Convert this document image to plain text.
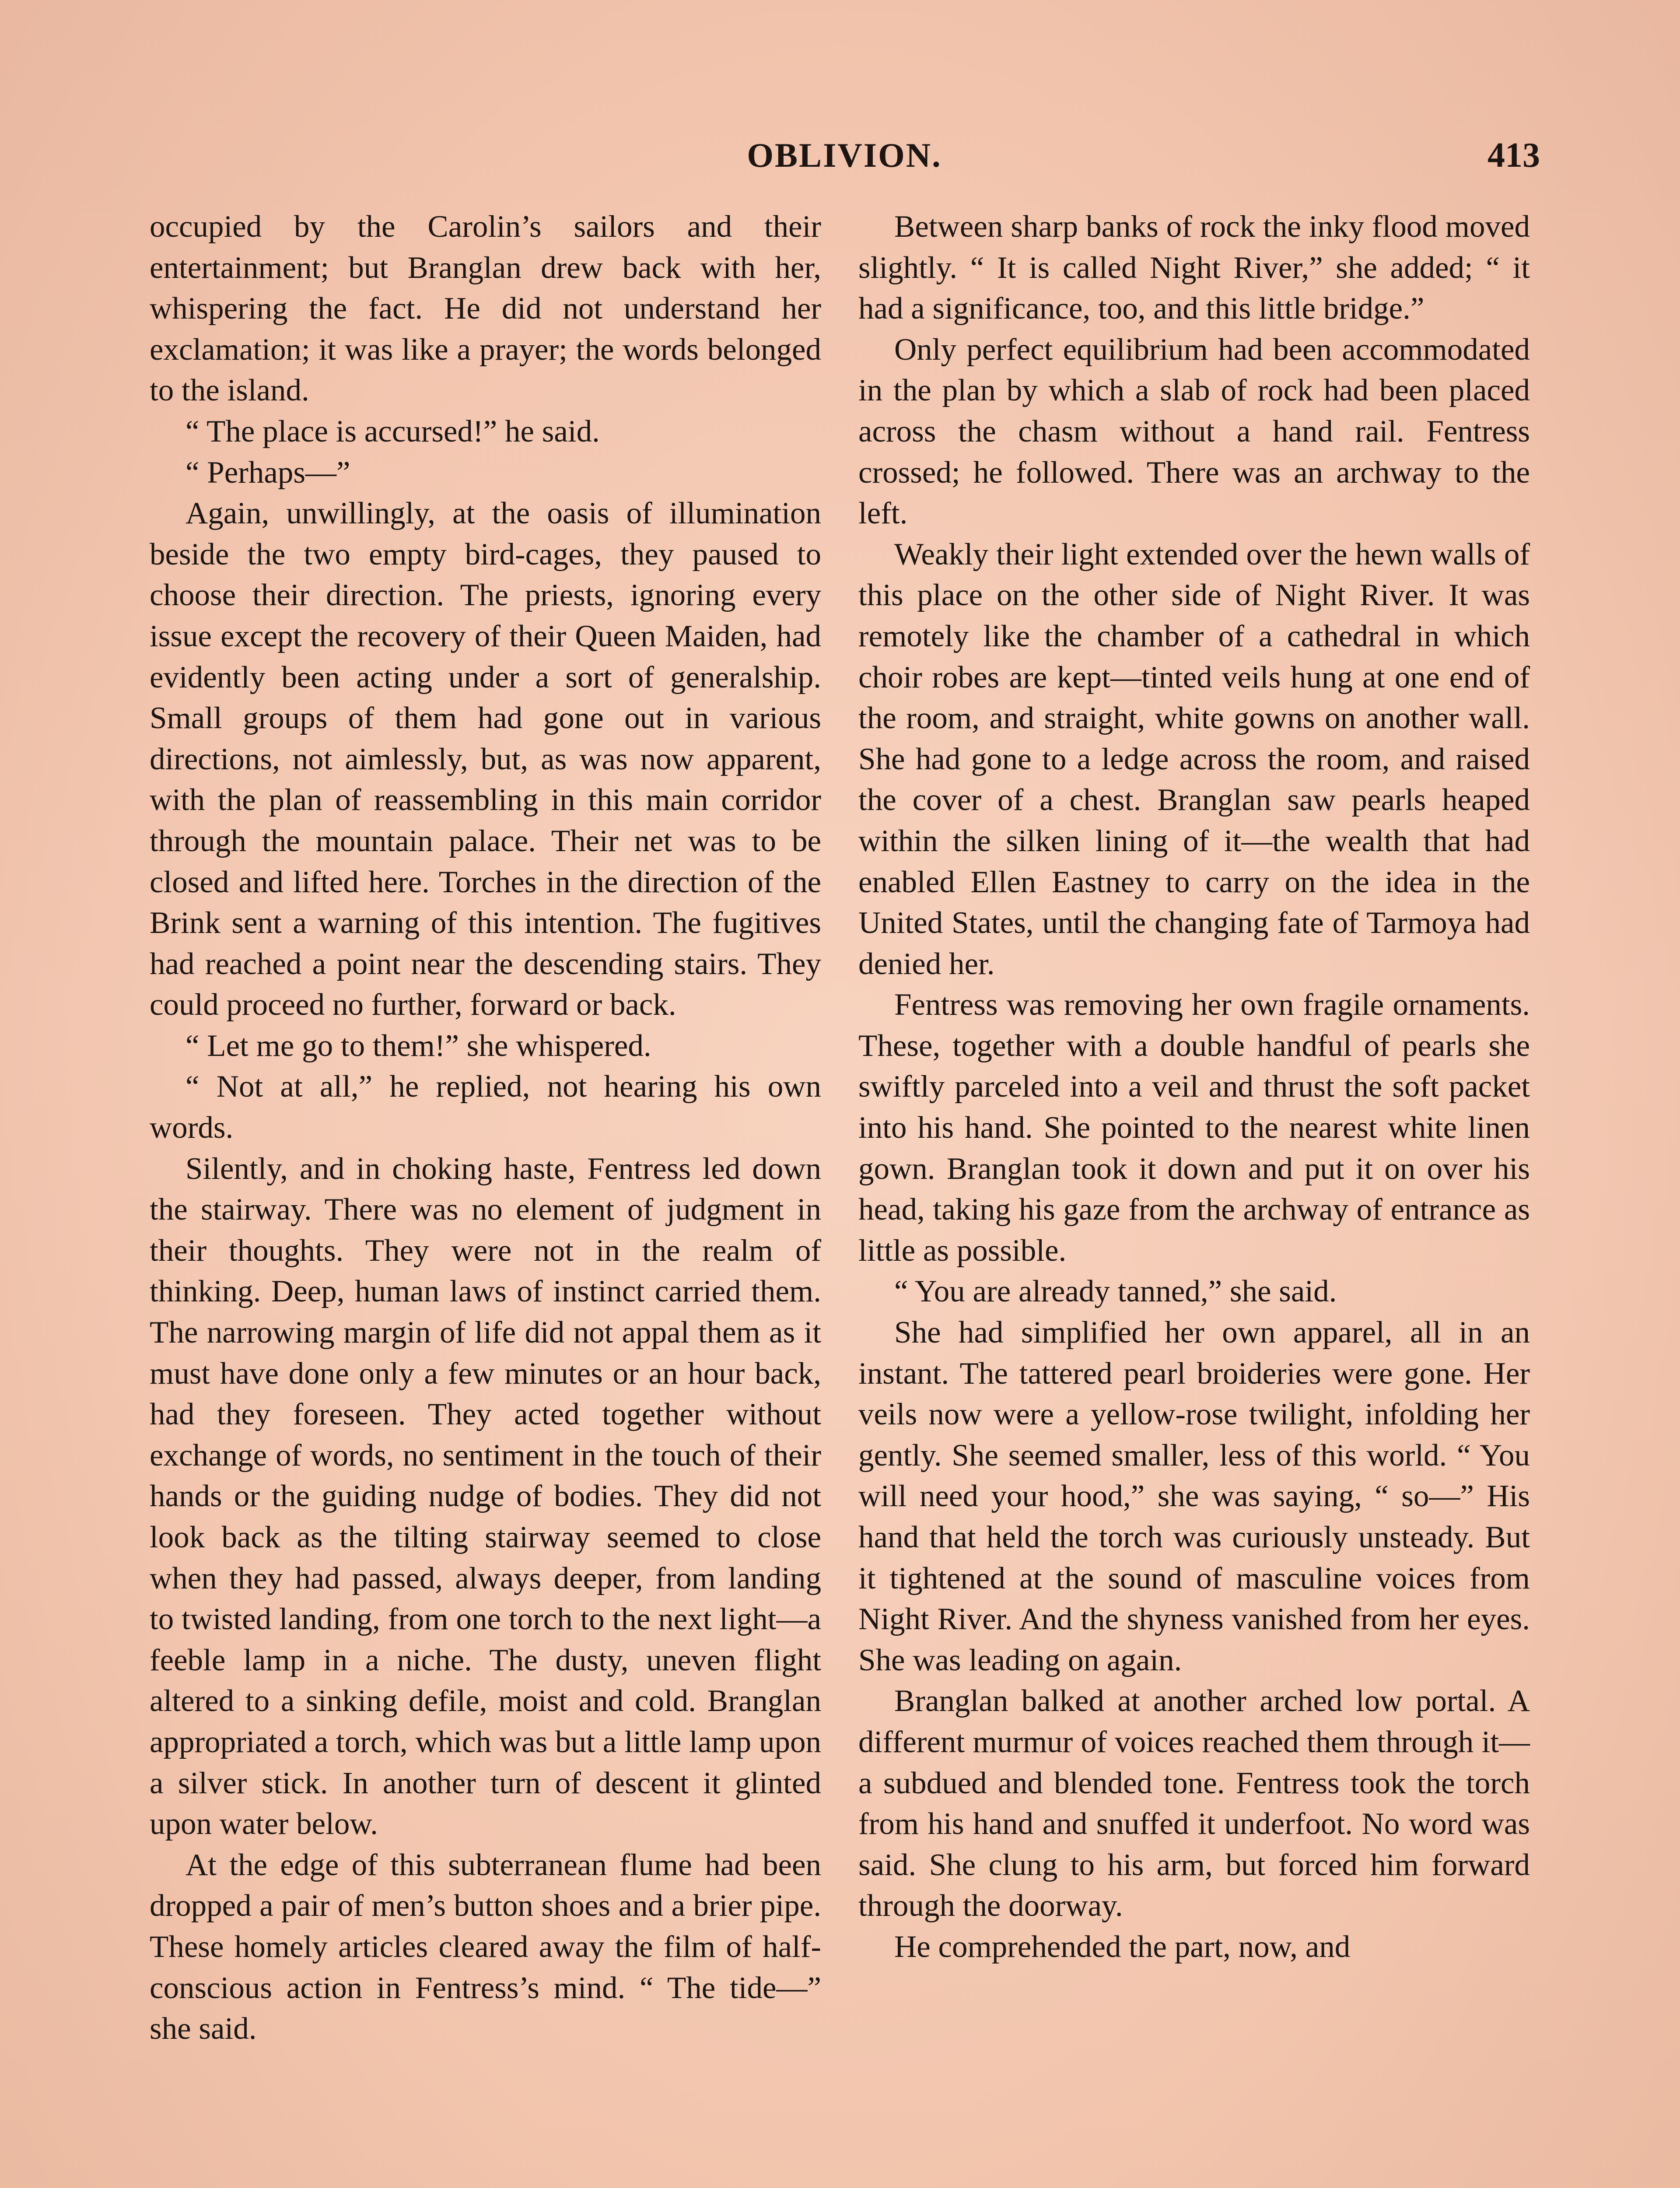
OBLIVION.	413

occupied by the Carolin’s sailors and their entertainment; but Branglan drew back with her, whispering the fact. He did not understand her exclamation; it was like a prayer; the words belonged to the island.

“ The place is accursed!” he said.

“ Perhaps—”

Again, unwillingly, at the oasis of illumination beside the two empty bird-cages, they paused to choose their direction. The priests, ignoring every issue except the recovery of their Queen Maiden, had evidently been acting under a sort of generalship. Small groups of them had gone out in various directions, not aimlessly, but, as was now apparent, with the plan of reassembling in this main corridor through the mountain palace. Their net was to be closed and lifted here. Torches in the direction of the Brink sent a warning of this intention. The fugitives had reached a point near the descending stairs. They could proceed no further, forward or back.

“ Let me go to them!” she whispered.

“ Not at all,” he replied, not hearing his own words.

Silently, and in choking haste, Fentress led down the stairway. There was no element of judgment in their thoughts. They were not in the realm of thinking. Deep, human laws of instinct carried them. The narrowing margin of life did not appal them as it must have done only a few minutes or an hour back, had they foreseen. They acted together without exchange of words, no sentiment in the touch of their hands or the guiding nudge of bodies. They did not look back as the tilting stairway seemed to close when they had passed, always deeper, from landing to twisted landing, from one torch to the next light—a feeble lamp in a niche. The dusty, uneven flight altered to a sinking defile, moist and cold. Branglan appropriated a torch, which was but a little lamp upon a silver stick. In another turn of descent it glinted upon water below.

At the edge of this subterranean flume had been dropped a pair of men’s button shoes and a brier pipe. These homely articles cleared away the film of half-conscious action in Fentress’s mind. “ The tide—” she said.

Between sharp banks of rock the inky flood moved slightly. “ It is called Night River,” she added; “ it had a significance, too, and this little bridge.”

Only perfect equilibrium had been accommodated in the plan by which a slab of rock had been placed across the chasm without a hand rail. Fentress crossed; he followed. There was an archway to the left.

Weakly their light extended over the hewn walls of this place on the other side of Night River. It was remotely like the chamber of a cathedral in which choir robes are kept—tinted veils hung at one end of the room, and straight, white gowns on another wall. She had gone to a ledge across the room, and raised the cover of a chest. Branglan saw pearls heaped within the silken lining of it—the wealth that had enabled Ellen Eastney to carry on the idea in the United States, until the changing fate of Tarmoya had denied her.

Fentress was removing her own fragile ornaments. These, together with a double handful of pearls she swiftly parceled into a veil and thrust the soft packet into his hand. She pointed to the nearest white linen gown. Branglan took it down and put it on over his head, taking his gaze from the archway of entrance as little as possible.

“ You are already tanned,” she said.

She had simplified her own apparel, all in an instant. The tattered pearl broideries were gone. Her veils now were a yellow-rose twilight, infolding her gently. She seemed smaller, less of this world. “ You will need your hood,” she was saying, “ so—” His hand that held the torch was curiously unsteady. But it tightened at the sound of masculine voices from Night River. And the shyness vanished from her eyes. She was leading on again.

Branglan balked at another arched low portal. A different murmur of voices reached them through it—a subdued and blended tone. Fentress took the torch from his hand and snuffed it underfoot. No word was said. She clung to his arm, but forced him forward through the doorway.

He comprehended the part, now, and
